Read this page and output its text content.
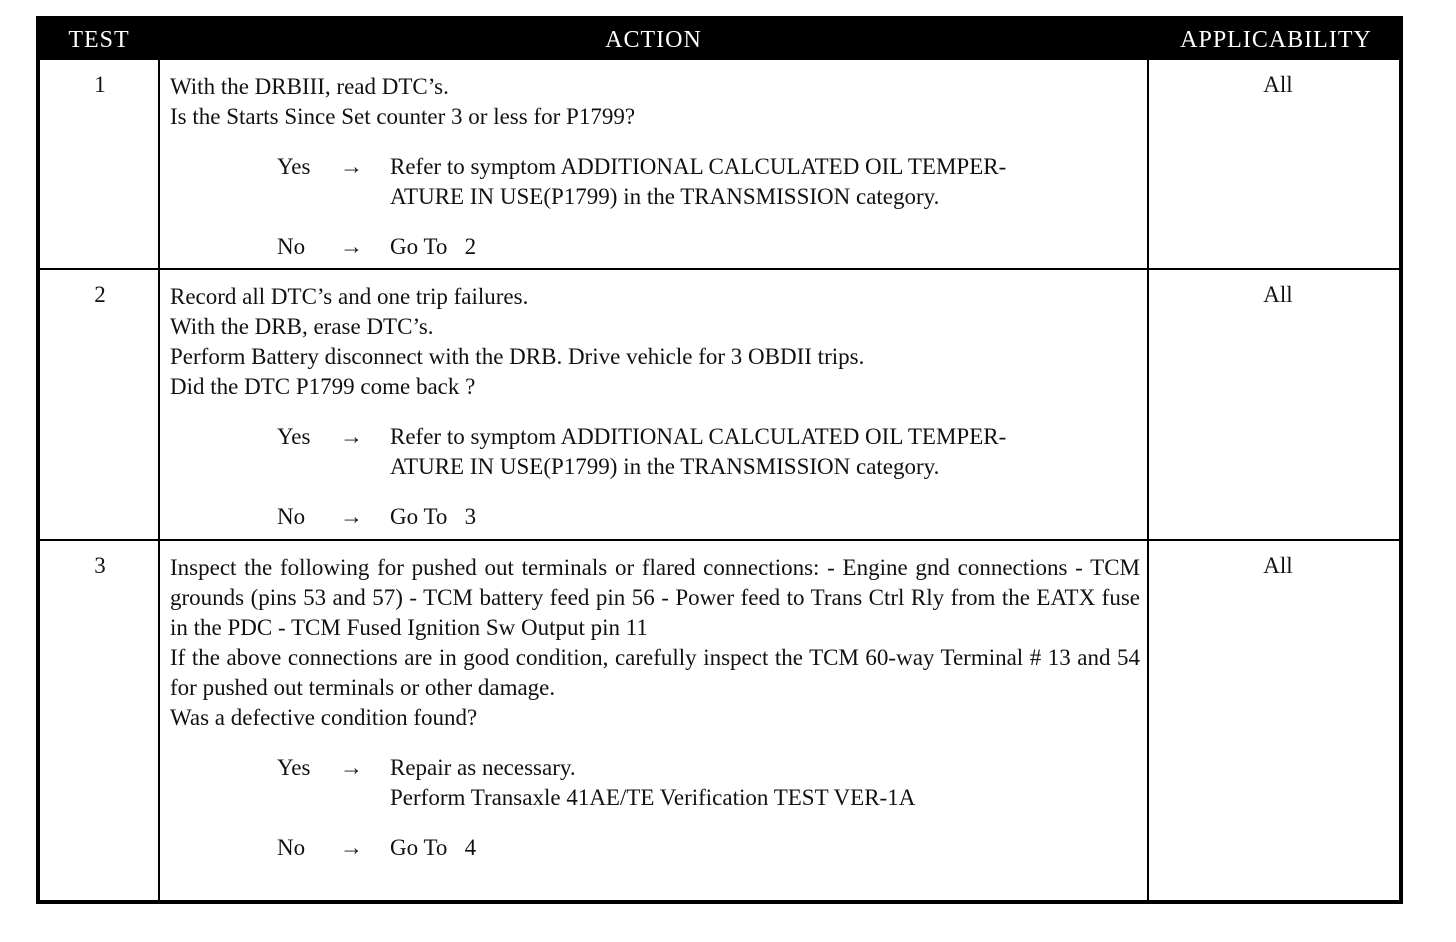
TEST	ACTION	APPLICABILITY
1	With the DRBIII, read DTC’s.

Is the Starts Since Set counter 3 or less for P1799?

Yes → Refer to symptom ADDITIONAL CALCULATED OIL TEMPER-
ATURE IN USE(P1799) in the TRANSMISSION category.
No → Go To   2
All
2	Record all DTC’s and one trip failures.

With the DRB, erase DTC’s.

Perform Battery disconnect with the DRB. Drive vehicle for 3 OBDII trips.

Did the DTC P1799 come back ?

Yes → Refer to symptom ADDITIONAL CALCULATED OIL TEMPER-
ATURE IN USE(P1799) in the TRANSMISSION category.
No → Go To   3
All
3	Inspect the following for pushed out terminals or flared connections: - Engine gnd connections - TCM grounds (pins 53 and 57) - TCM battery feed pin 56 - Power feed to Trans Ctrl Rly from the EATX fuse in the PDC - TCM Fused Ignition Sw Output pin 11

If the above connections are in good condition, carefully inspect the TCM 60-way Terminal # 13 and 54 for pushed out terminals or other damage.

Was a defective condition found?

Yes → Repair as necessary.
Perform Transaxle 41AE/TE Verification TEST VER-1A
No → Go To   4
All
